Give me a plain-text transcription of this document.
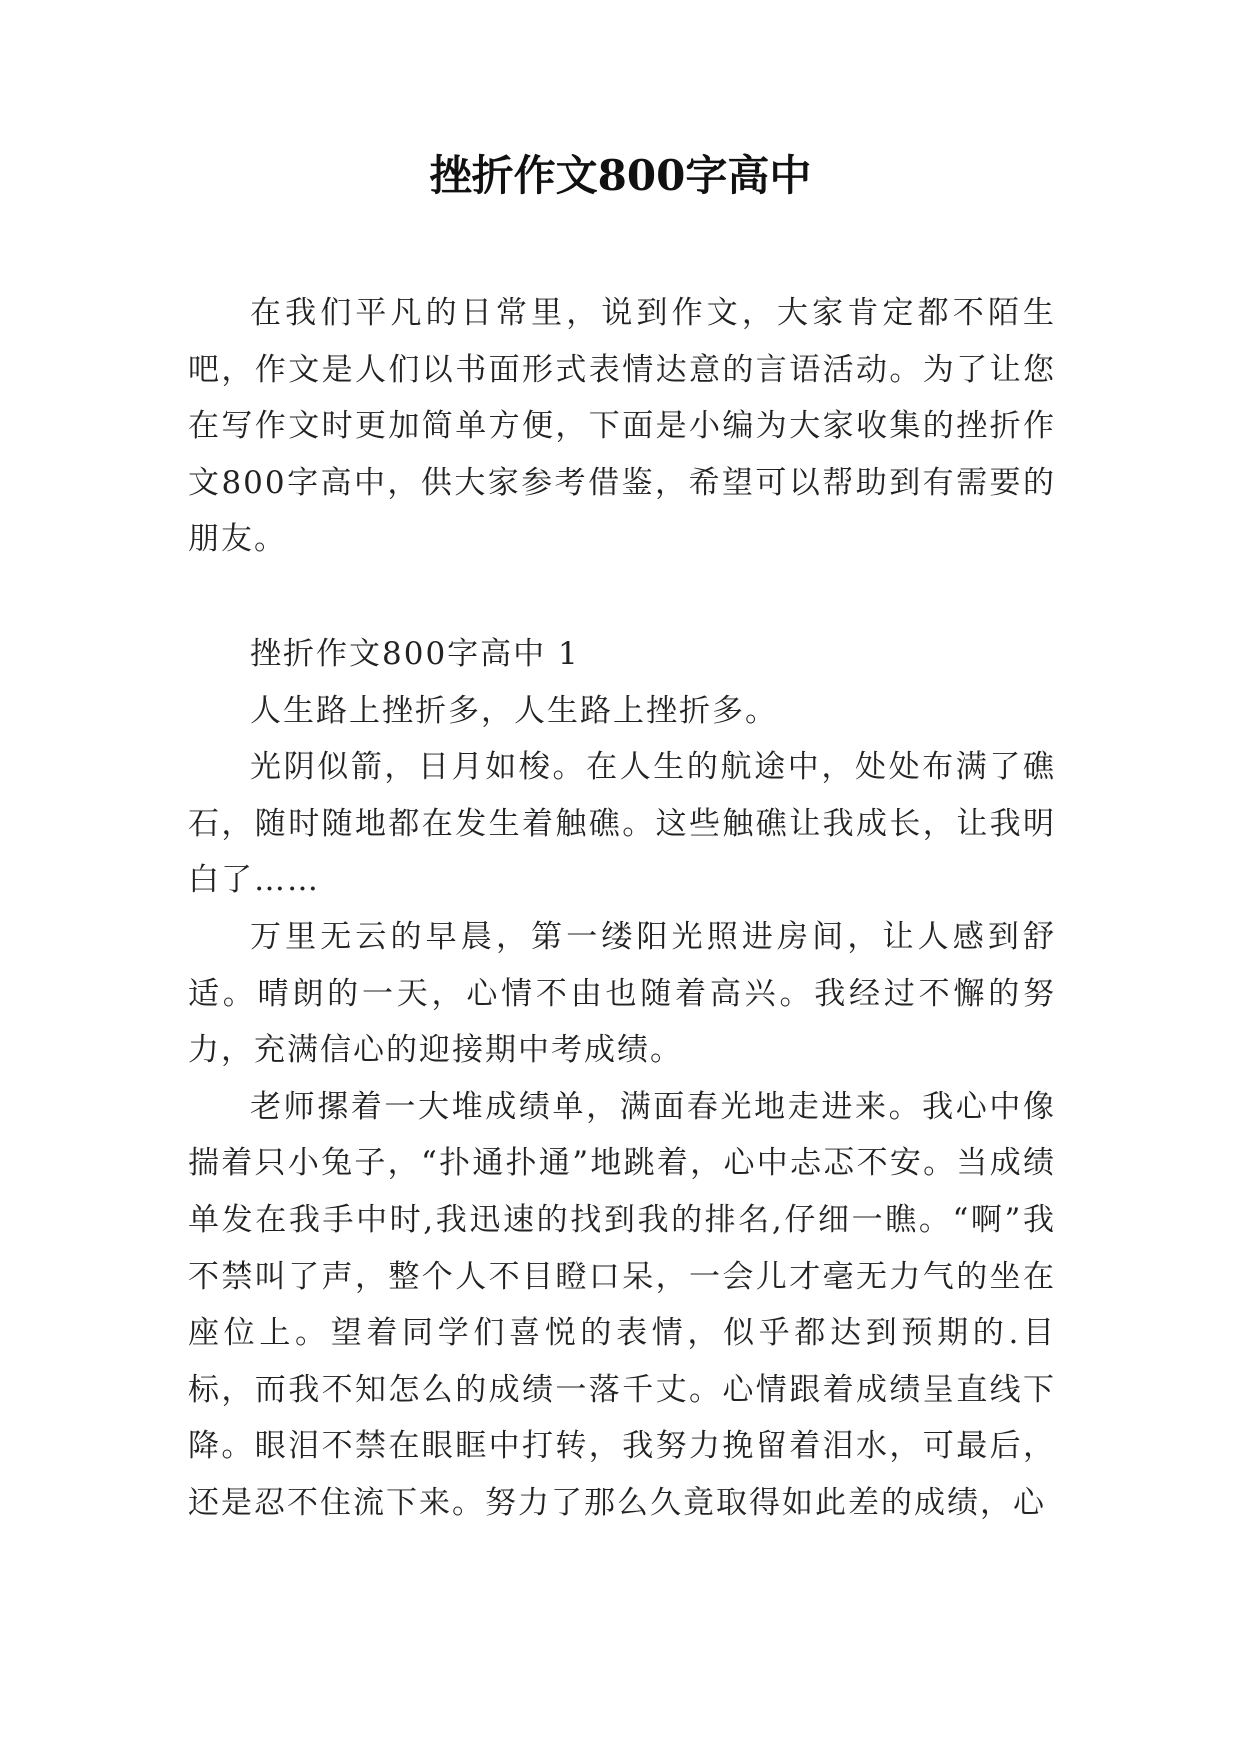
挫折作文800字高中

在我们平凡的日常里，说到作文，大家肯定都不陌生吧，作文是人们以书面形式表情达意的言语活动。为了让您在写作文时更加简单方便，下面是小编为大家收集的挫折作文800字高中，供大家参考借鉴，希望可以帮助到有需要的朋友。

挫折作文800字高中 1

人生路上挫折多，人生路上挫折多。

光阴似箭，日月如梭。在人生的航途中，处处布满了礁石，随时随地都在发生着触礁。这些触礁让我成长，让我明白了……

万里无云的早晨，第一缕阳光照进房间，让人感到舒适。晴朗的一天，心情不由也随着高兴。我经过不懈的努力，充满信心的迎接期中考成绩。

老师摞着一大堆成绩单，满面春光地走进来。我心中像揣着只小兔子，“扑通扑通”地跳着，心中忐忑不安。当成绩单发在我手中时,我迅速的找到我的排名,仔细一瞧。“啊”我不禁叫了声，整个人不目瞪口呆，一会儿才毫无力气的坐在座位上。望着同学们喜悦的表情，似乎都达到预期的.目标，而我不知怎么的成绩一落千丈。心情跟着成绩呈直线下降。眼泪不禁在眼眶中打转，我努力挽留着泪水，可最后，还是忍不住流下来。努力了那么久竟取得如此差的成绩，心
